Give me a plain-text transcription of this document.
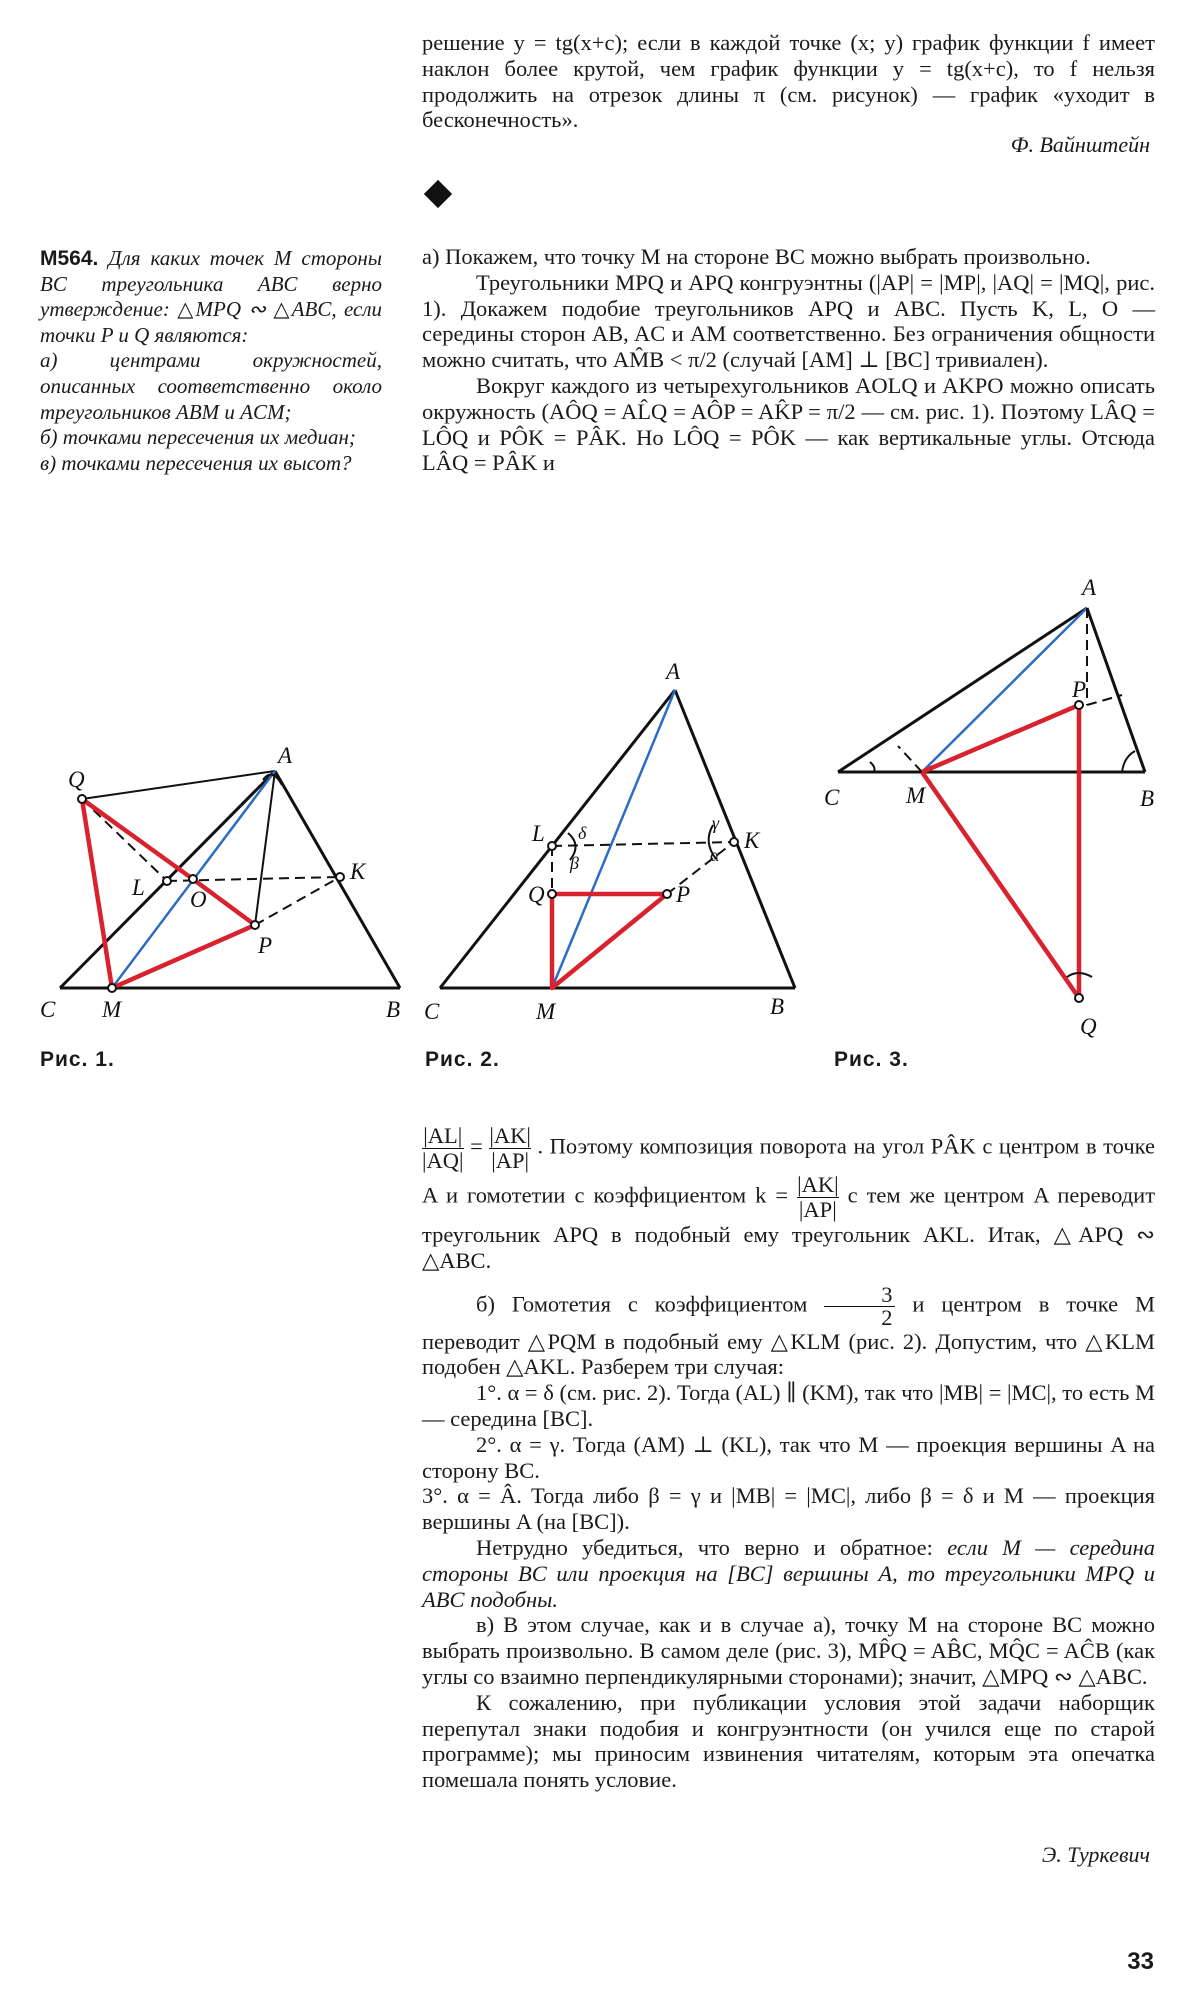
решение y = tg(x+c); если в каждой точке (x; y) график функции f имеет наклон более крутой, чем график функции y = tg(x+c), то f нельзя продолжить на отрезок длины π (см. рисунок) — график «уходит в бесконечность».
Ф. Вайнштейн
M564. Для каких точек M стороны BC треугольника ABC верно утверждение: △MPQ ∾ △ABC, если точки P и Q являются:
а) центрами окружностей, описанных соответственно около треугольников ABM и ACM;
б) точками пересечения их медиан;
в) точками пересечения их высот?
а) Покажем, что точку M на стороне BC можно выбрать произвольно.
Треугольники MPQ и APQ конгруэнтны (|AP| = |MP|, |AQ| = |MQ|, рис. 1). Докажем подобие треугольников APQ и ABC. Пусть K, L, O — середины сторон AB, AC и AM соответственно. Без ограничения общности можно считать, что AM̂B < π/2 (случай [AM] ⊥ [BC] тривиален).
Вокруг каждого из четырехугольников AOLQ и AKPO можно описать окружность (AÔQ = AL̂Q = AÔP = AK̂P = π/2 — см. рис. 1). Поэтому LÂQ = LÔQ и PÔK = PÂK. Но LÔQ = PÔK — как вертикальные углы. Отсюда LÂQ = PÂK и
A
Q
L O
K
P
C M	B
Рис. 1.
A
L	K
Q	P
C	M	B
δ	γ
β	α
Рис. 2.
A
P
C	M	B
Q
Рис. 3.
$\frac{|AL|}{|AQ|} = \frac{|AK|}{|AP|}$ . Поэтому композиция поворота на угол PÂK с центром в точке A и гомотетии с коэффициентом $k = \frac{|AK|}{|AP|}$ с тем же центром A переводит треугольник APQ в подобный ему треугольник AKL. Итак, △APQ ∾ △ABC.
б) Гомотетия с коэффициентом $\frac{3}{2}$ и центром в точке M переводит △PQM в подобный ему △KLM (рис. 2). Допустим, что △KLM подобен △AKL. Разберем три случая:
1°. α = δ (см. рис. 2). Тогда (AL) ∥ (KM), так что |MB| = |MC|, то есть M — середина [BC].
2°. α = γ. Тогда (AM) ⊥ (KL), так что M — проекция вершины A на сторону BC.
3°. α = Â. Тогда либо β = γ и |MB| = |MC|, либо β = δ и M — проекция вершины A (на [BC]).
Нетрудно убедиться, что верно и обратное: если M — середина стороны BC или проекция на [BC] вершины A, то треугольники MPQ и ABC подобны.
в) В этом случае, как и в случае а), точку M на стороне BC можно выбрать произвольно. В самом деле (рис. 3), MP̂Q = AB̂C, MQ̂C = AĈB (как углы со взаимно перпендикулярными сторонами); значит, △MPQ ∾ △ABC.
К сожалению, при публикации условия этой задачи наборщик перепутал знаки подобия и конгруэнтности (он учился еще по старой программе); мы приносим извинения читателям, которым эта опечатка помешала понять условие.
Э. Туркевич
33
